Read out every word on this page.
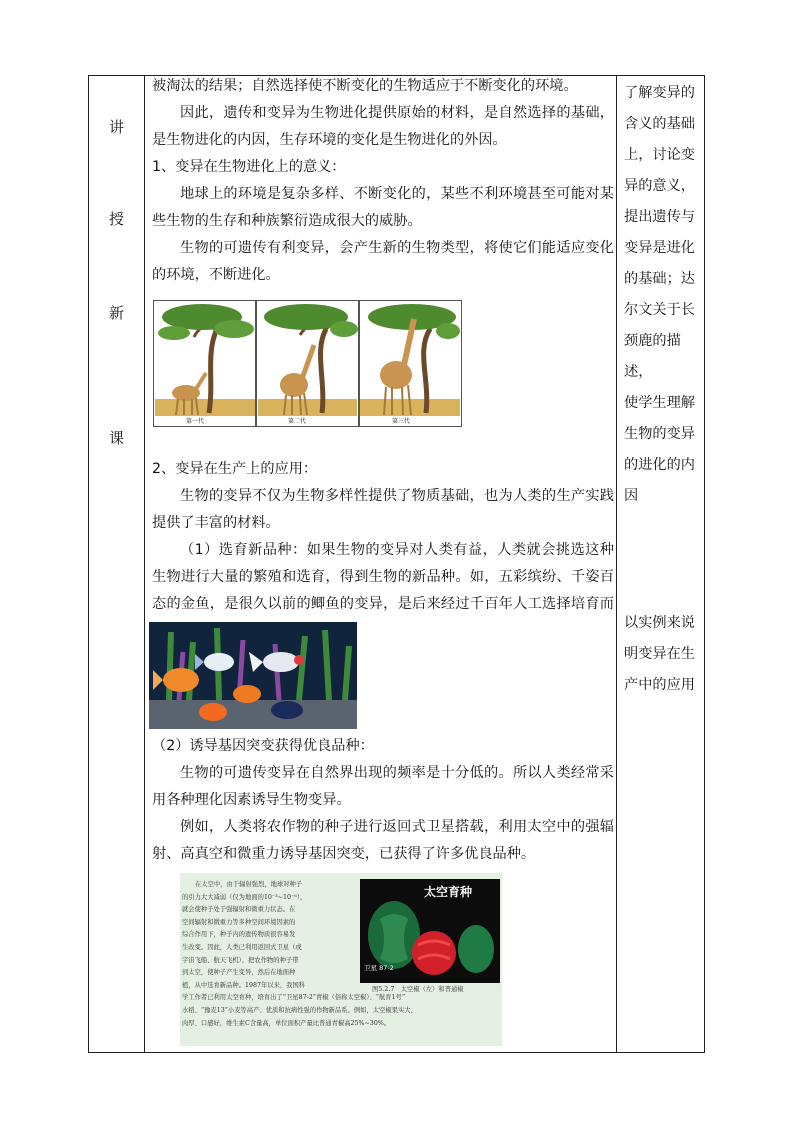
讲
授
新
课

被淘汰的结果；自然选择使不断变化的生物适应于不断变化的环境。

因此，遗传和变异为生物进化提供原始的材料，是自然选择的基础，是生物进化的内因，生存环境的变化是生物进化的外因。

1、变异在生物进化上的意义：

地球上的环境是复杂多样、不断变化的，某些不利环境甚至可能对某些生物的生存和种族繁衍造成很大的威胁。

生物的可遗传有利变异，会产生新的生物类型，将使它们能适应变化的环境，不断进化。

第一代	第二代	第三代

2、变异在生产上的应用：

生物的变异不仅为生物多样性提供了物质基础，也为人类的生产实践提供了丰富的材料。

（1）选育新品种：如果生物的变异对人类有益，人类就会挑选这种生物进行大量的繁殖和选育，得到生物的新品种。如，五彩缤纷、千姿百态的金鱼，是很久以前的鲫鱼的变异，是后来经过千百年人工选择培育而

（2）诱导基因突变获得优良品种：

生物的可遗传变异在自然界出现的频率是十分低的。所以人类经常采用各种理化因素诱导生物变异。

例如，人类将农作物的种子进行返回式卫星搭载，利用太空中的强辐射、高真空和微重力诱导基因突变，已获得了许多优良品种。

在太空中，由于辐射强烈，地球对种子

的引力大大减弱（仅为地面的10⁻³~10⁻⁶），

就会使种子处于强辐射和微重力状态。在

空间辐射和微重力等多种空间环境因素的

综合作用下，种子内的遗传物质很容易发

生改变。因此，人类已利用返回式卫星（或

宇宙飞船、航天飞机），把农作物的种子带

到太空，使种子产生变异，然后在地面种

植，从中选育新品种。1987年以来，我国科

学工作者已利用太空育种，培育出了“卫星87-2”青椒（俗称太空椒）、“航育1号”

水稻、“豫麦13”小麦等高产、优质和抗病性强的作物新品系。例如，太空椒果实大、

肉厚、口感好，维生素C含量高，单位面积产量比普通青椒高25%~30%。

太空育种
卫星 87-2
图5.2.7　太空椒（左）和普通椒

了解变异的

含义的基础

上，讨论变

异的意义，

提出遗传与

变异是进化

的基础；达

尔文关于长

颈鹿的描述，

使学生理解

生物的变异

的进化的内

因

以实例来说

明变异在生

产中的应用
